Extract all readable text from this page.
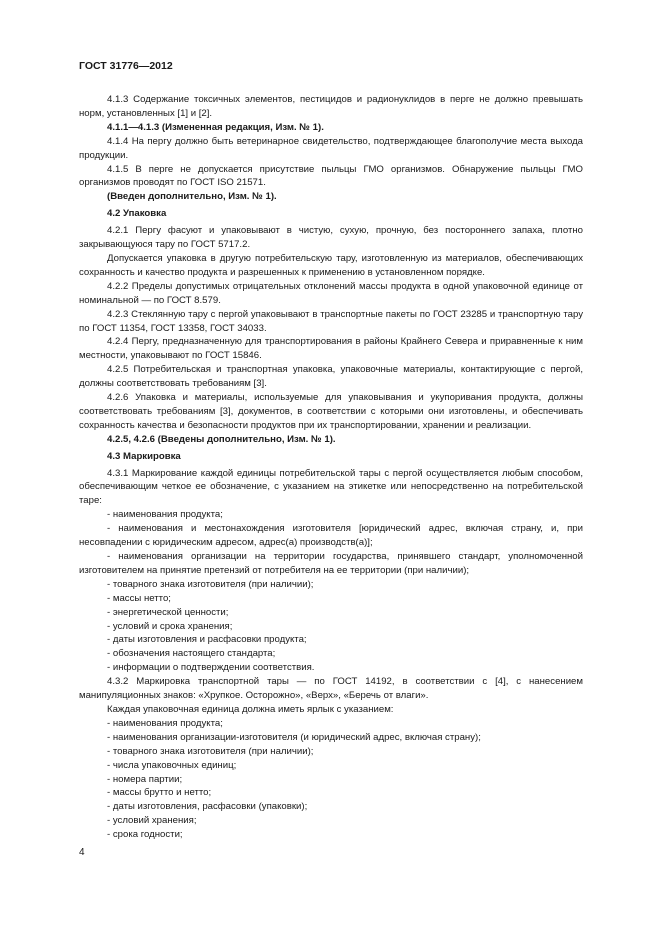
ГОСТ 31776—2012

4.1.3 Содержание токсичных элементов, пестицидов и радионуклидов в перге не должно превышать норм, установленных [1] и [2].

4.1.1—4.1.3 (Измененная редакция, Изм. № 1).

4.1.4 На пергу должно быть ветеринарное свидетельство, подтверждающее благополучие места выхода продукции.

4.1.5 В перге не допускается присутствие пыльцы ГМО организмов. Обнаружение пыльцы ГМО организмов проводят по ГОСТ ISO 21571.

(Введен дополнительно, Изм. № 1).

4.2 Упаковка

4.2.1 Пергу фасуют и упаковывают в чистую, сухую, прочную, без постороннего запаха, плотно закрывающуюся тару по ГОСТ 5717.2.

Допускается упаковка в другую потребительскую тару, изготовленную из материалов, обеспечивающих сохранность и качество продукта и разрешенных к применению в установленном порядке.

4.2.2 Пределы допустимых отрицательных отклонений массы продукта в одной упаковочной единице от номинальной — по ГОСТ 8.579.

4.2.3 Стеклянную тару с пергой упаковывают в транспортные пакеты по ГОСТ 23285 и транспортную тару по ГОСТ 11354, ГОСТ 13358, ГОСТ 34033.

4.2.4 Пергу, предназначенную для транспортирования в районы Крайнего Севера и приравненные к ним местности, упаковывают по ГОСТ 15846.

4.2.5 Потребительская и транспортная упаковка, упаковочные материалы, контактирующие с пергой, должны соответствовать требованиям [3].

4.2.6 Упаковка и материалы, используемые для упаковывания и укупоривания продукта, должны соответствовать требованиям [3], документов, в соответствии с которыми они изготовлены, и обеспечивать сохранность качества и безопасности продуктов при их транспортировании, хранении и реализации.

4.2.5, 4.2.6 (Введены дополнительно, Изм. № 1).

4.3 Маркировка

4.3.1 Маркирование каждой единицы потребительской тары с пергой осуществляется любым способом, обеспечивающим четкое ее обозначение, с указанием на этикетке или непосредственно на потребительской таре:

- наименования продукта;

- наименования и местонахождения изготовителя [юридический адрес, включая страну, и, при несовпадении с юридическим адресом, адрес(а) производств(а)];

- наименования организации на территории государства, принявшего стандарт, уполномоченной изготовителем на принятие претензий от потребителя на ее территории (при наличии);

- товарного знака изготовителя (при наличии);

- массы нетто;

- энергетической ценности;

- условий и срока хранения;

- даты изготовления и расфасовки продукта;

- обозначения настоящего стандарта;

- информации о подтверждении соответствия.

4.3.2 Маркировка транспортной тары — по ГОСТ 14192, в соответствии с [4], с нанесением манипуляционных знаков: «Хрупкое. Осторожно», «Верх», «Беречь от влаги».

Каждая упаковочная единица должна иметь ярлык с указанием:

- наименования продукта;

- наименования организации-изготовителя (и юридический адрес, включая страну);

- товарного знака изготовителя (при наличии);

- числа упаковочных единиц;

- номера партии;

- массы брутто и нетто;

- даты изготовления, расфасовки (упаковки);

- условий хранения;

- срока годности;

4
